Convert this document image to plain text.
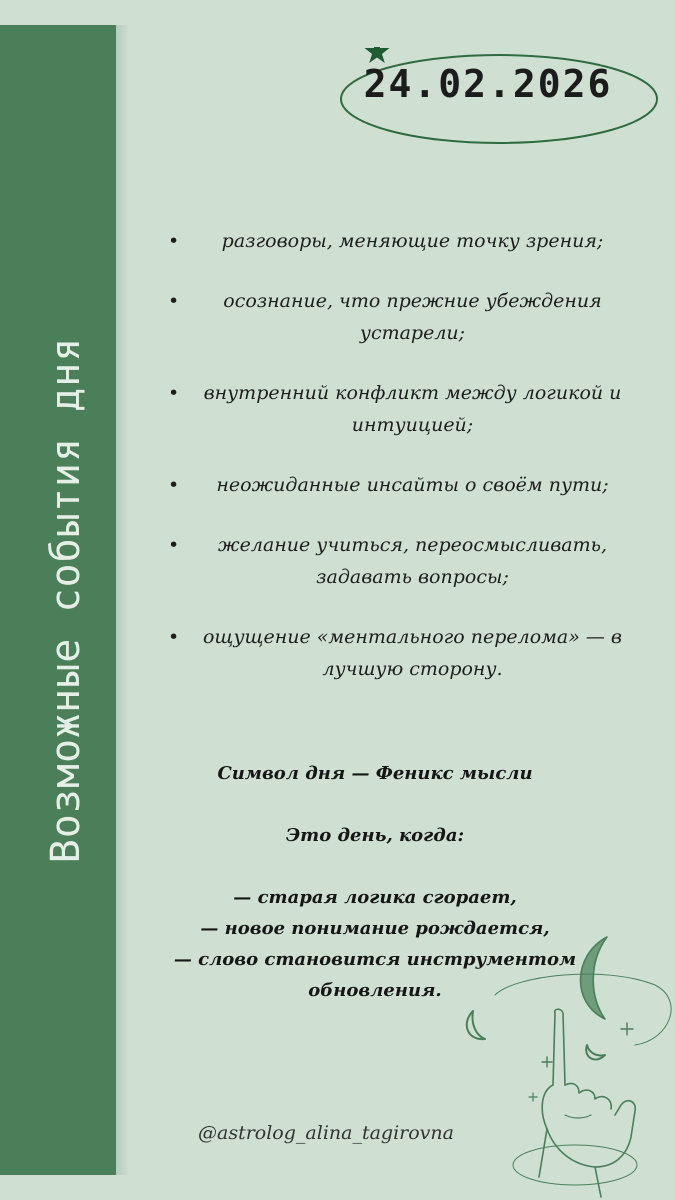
Возможные события дня
24.02.2026
•	разговоры, меняющие точку зрения;
•	осознание, что прежние убеждения
устарели;
•	внутренний конфликт между логикой и
интуицией;
•	неожиданные инсайты о своём пути;
•	желание учиться, переосмысливать,
задавать вопросы;
•	ощущение «ментального перелома» — в
лучшую сторону.
Символ дня — Феникс мысли
Это день, когда:
— старая логика сгорает,
— новое понимание рождается,
— слово становится инструментом
обновления.
@astrolog_alina_tagirovna
